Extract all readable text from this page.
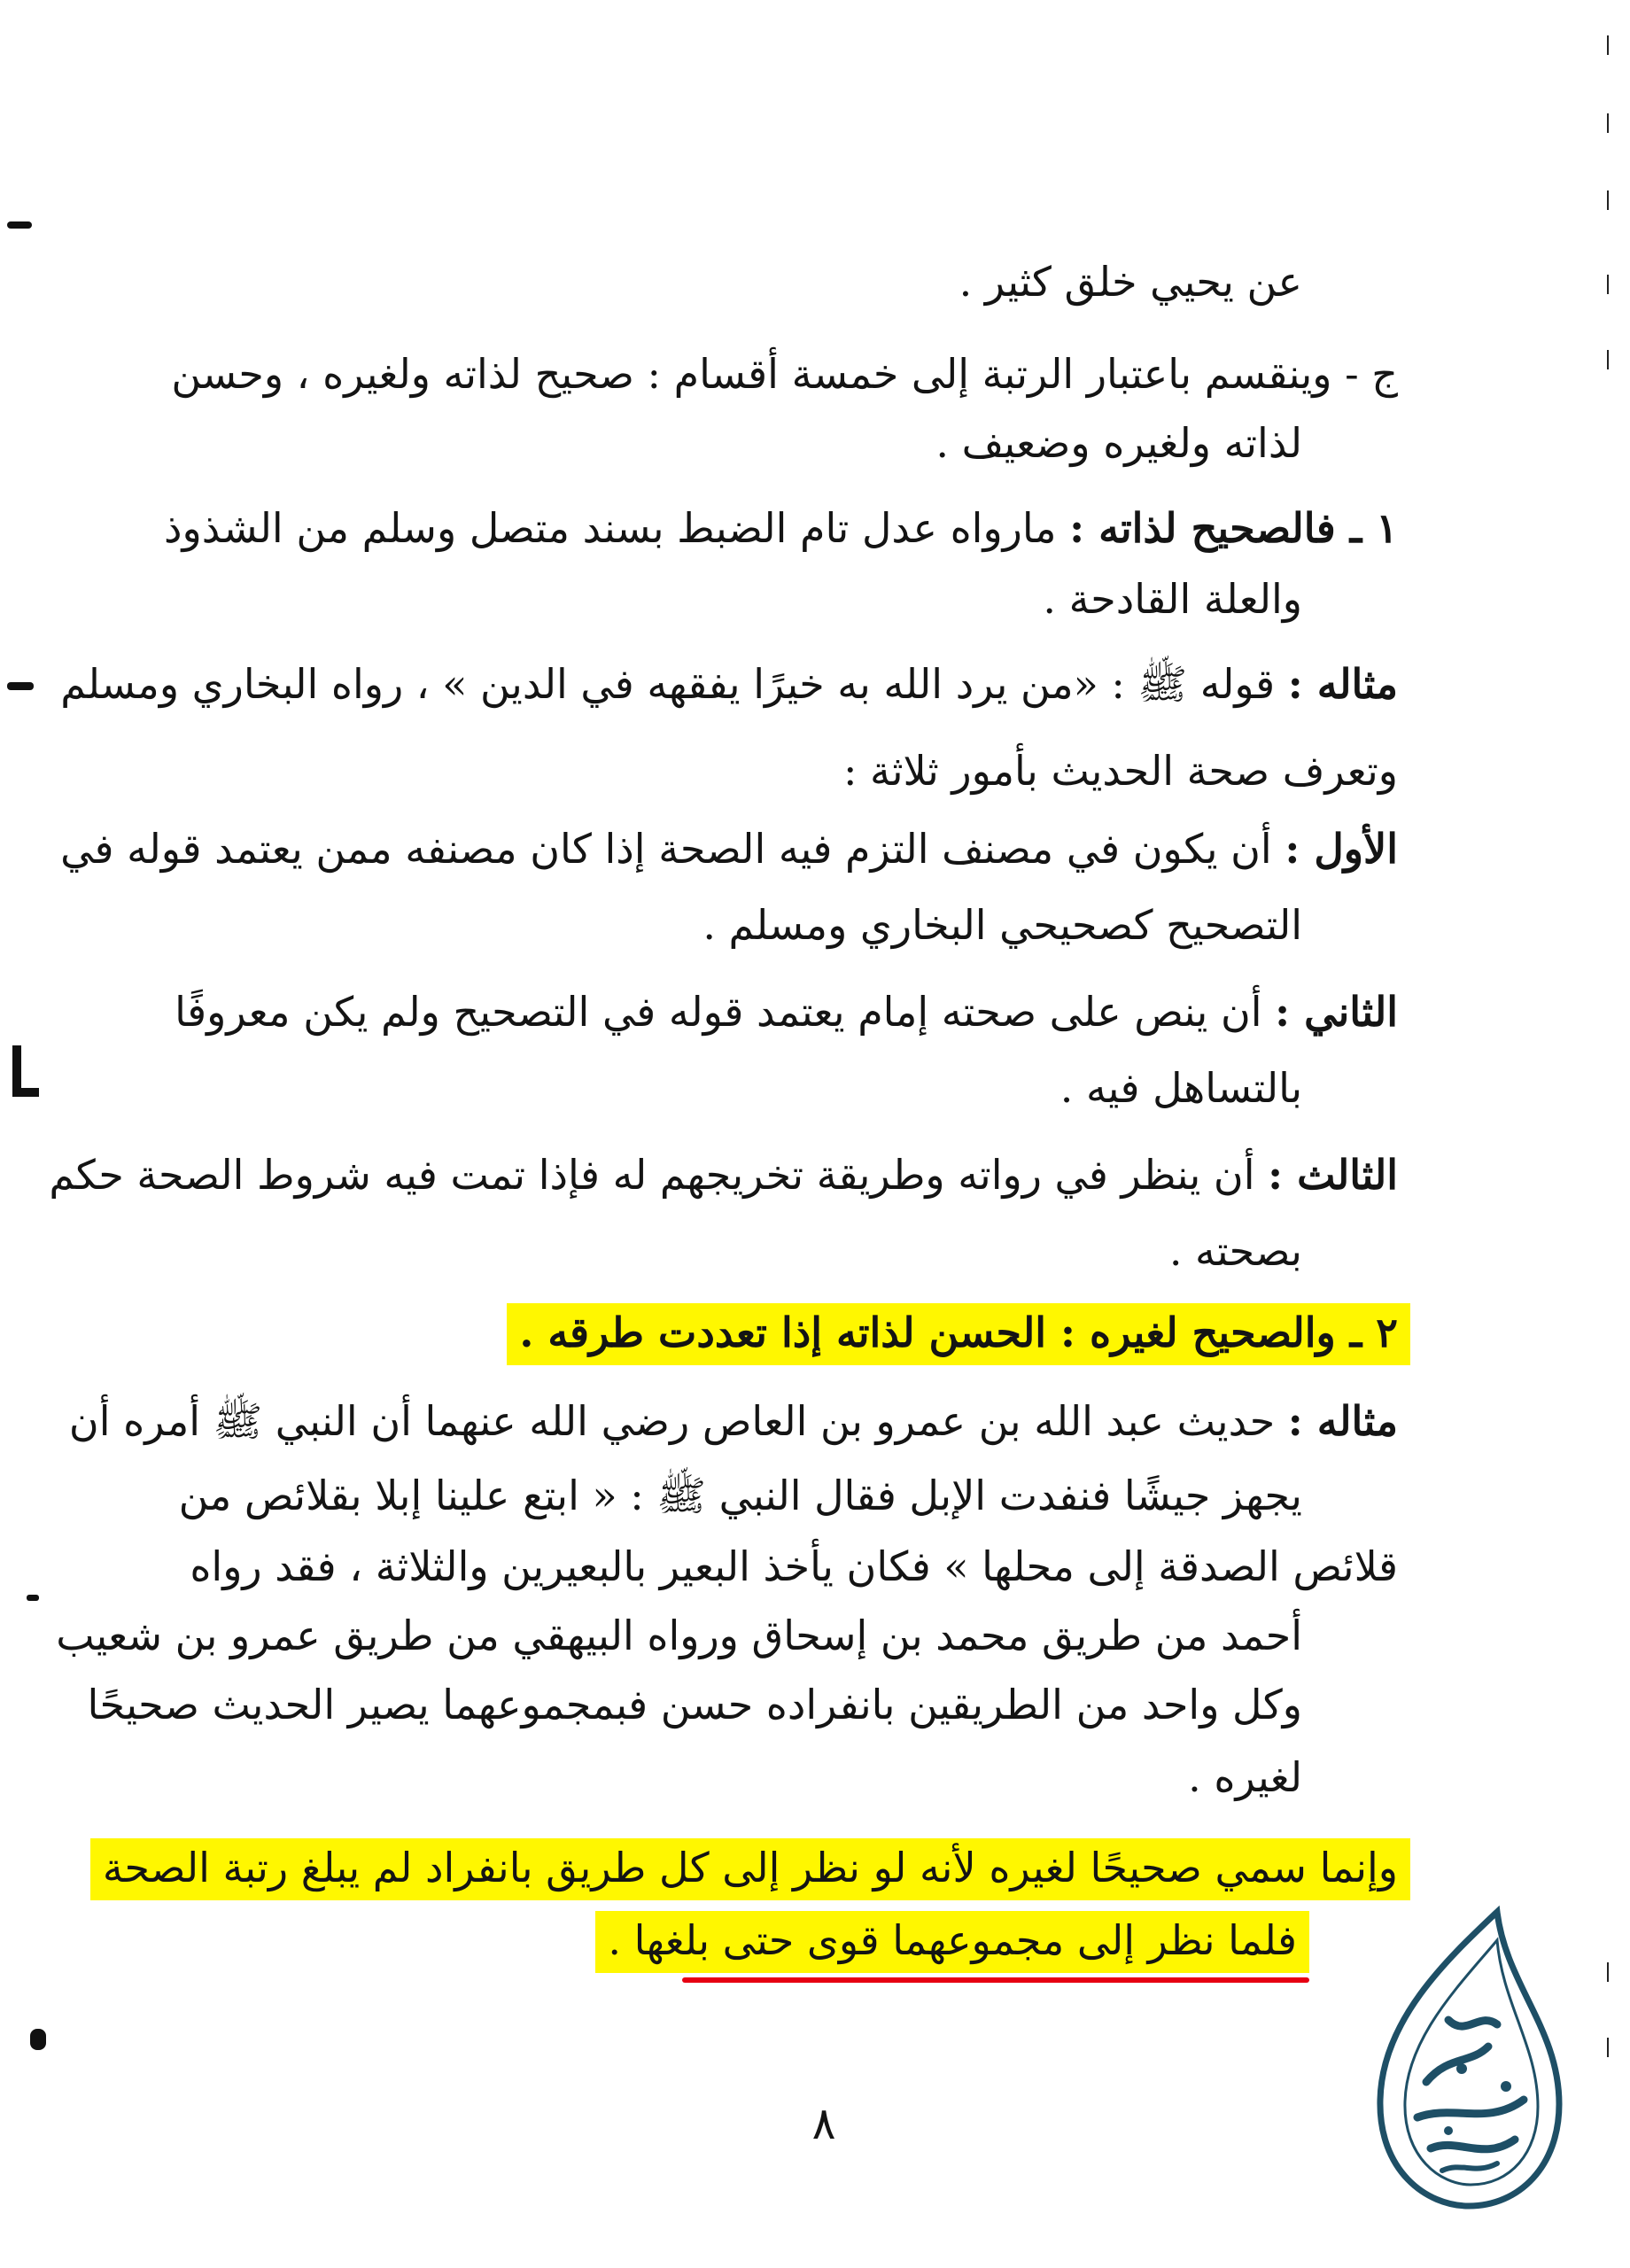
عن يحيي خلق كثير .
ج - وينقسم باعتبار الرتبة إلى خمسة أقسام : صحيح لذاته ولغيره ، وحسن
لذاته ولغيره وضعيف .
١ ـ فالصحيح لذاته : مارواه عدل تام الضبط بسند متصل وسلم من الشذوذ
والعلة القادحة .
مثاله : قوله ﷺ : «من يرد الله به خيرًا يفقهه في الدين » ، رواه البخاري ومسلم
وتعرف صحة الحديث بأمور ثلاثة :
الأول : أن يكون في مصنف التزم فيه الصحة إذا كان مصنفه ممن يعتمد قوله في
التصحيح كصحيحي البخاري ومسلم .
الثاني : أن ينص على صحته إمام يعتمد قوله في التصحيح ولم يكن معروفًا
بالتساهل فيه .
الثالث : أن ينظر في رواته وطريقة تخريجهم له فإذا تمت فيه شروط الصحة حكم
بصحته .
٢ ـ والصحيح لغيره : الحسن لذاته إذا تعددت طرقه .
مثاله : حديث عبد الله بن عمرو بن العاص رضي الله عنهما أن النبي ﷺ أمره أن
يجهز جيشًا فنفدت الإبل فقال النبي ﷺ : « ابتع علينا إبلا بقلائص من
قلائص الصدقة إلى محلها » فكان يأخذ البعير بالبعيرين والثلاثة ، فقد رواه
أحمد من طريق محمد بن إسحاق ورواه البيهقي من طريق عمرو بن شعيب
وكل واحد من الطريقين بانفراده حسن فبمجموعهما يصير الحديث صحيحًا
لغيره .
وإنما سمي صحيحًا لغيره لأنه لو نظر إلى كل طريق بانفراد لم يبلغ رتبة الصحة
فلما نظر إلى مجموعهما قوى حتى بلغها .
٨
